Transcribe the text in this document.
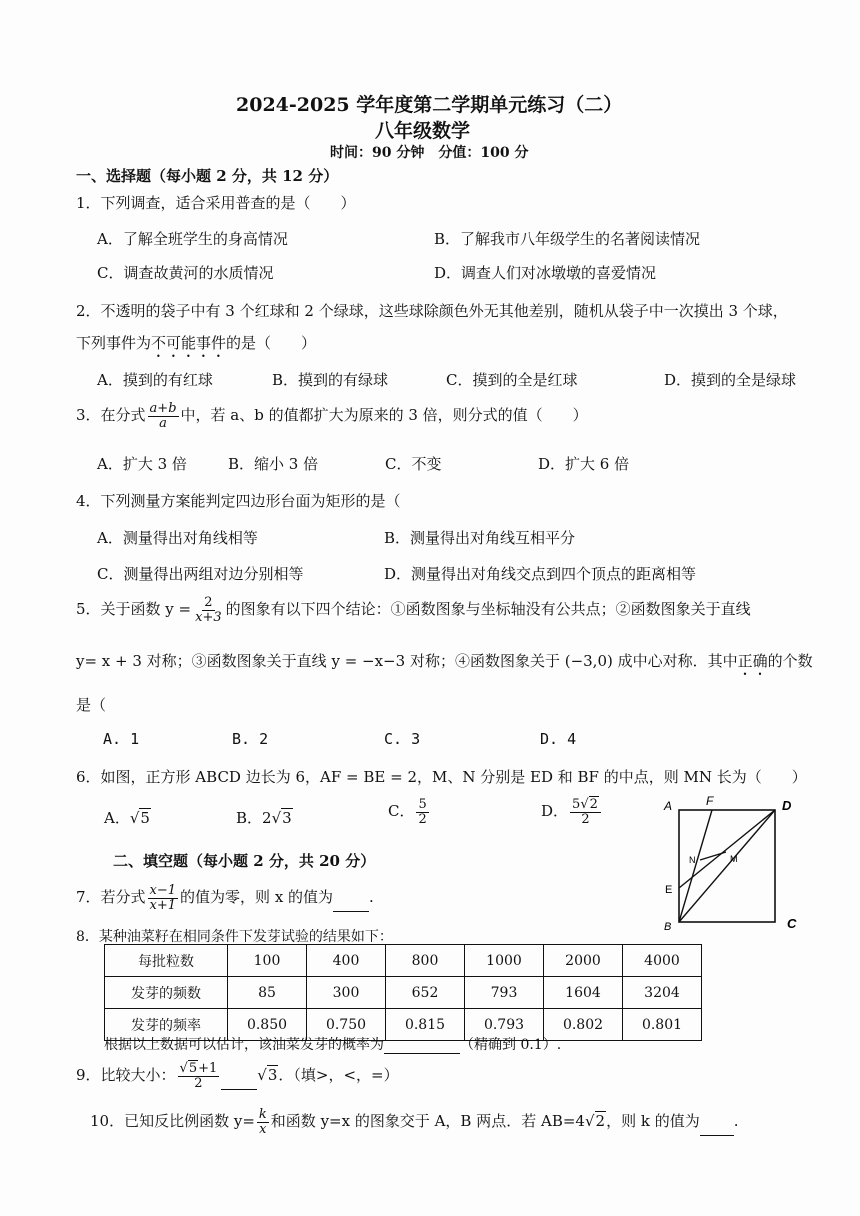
2024-2025 学年度第二学期单元练习（二）
八年级数学
时间：90 分钟　分值：100 分
一、选择题（每小题 2 分，共 12 分）
1．下列调查，适合采用普查的是（　　）
A．了解全班学生的身高情况	B．了解我市八年级学生的名著阅读情况
C．调查故黄河的水质情况	D．调查人们对冰墩墩的喜爱情况
2．不透明的袋子中有 3 个红球和 2 个绿球，这些球除颜色外无其他差别，随机从袋子中一次摸出 3 个球，
下列事件为不可能事件的是（　　）
A．摸到的有红球	B．摸到的有绿球	C．摸到的全是红球	D．摸到的全是绿球
3．在分式 $\frac{a+b}{a}$ 中，若 a、b 的值都扩大为原来的 3 倍，则分式的值（　　）
A．扩大 3 倍	B．缩小 3 倍	C．不变	D．扩大 6 倍
4．下列测量方案能判定四边形台面为矩形的是（
A．测量得出对角线相等	B．测量得出对角线互相平分
C．测量得出两组对边分别相等	D．测量得出对角线交点到四个顶点的距离相等
5．关于函数 $y = \frac{2}{x+3}$ 的图象有以下四个结论：①函数图象与坐标轴没有公共点；②函数图象关于直线
y= x + 3 对称；③函数图象关于直线 y = −x−3 对称；④函数图象关于 (−3,0) 成中心对称．其中正确的个数
是（
A. 1	B. 2	C. 3	D. 4
6．如图，正方形 ABCD 边长为 6，AF = BE = 2，M、N 分别是 ED 和 BF 的中点，则 MN 长为（　　）
A．√5	B．2√3	C． $\frac{5}{2}$	D． $\frac{5√2}{2}$	A	F	D
N	M
E
B	C
二、填空题（每小题 2 分，共 20 分）
7．若分式 $\frac{x-1}{x+1}$ 的值为零，则 x 的值为 .
8．某种油菜籽在相同条件下发芽试验的结果如下：
每批粒数	100	400	800	1000	2000	4000
发芽的频数	85	300	652	793	1604	3204
发芽的频率	0.850	0.750	0.815	0.793	0.802	0.801
根据以上数据可以估计，该油菜发芽的概率为	（精确到 0.1）.
9．比较大小： $\frac{√5+1}{2}$	√3．（填>，<，=）
10．已知反比例函数 $y= \frac{k}{x}$ 和函数 y=x 的图象交于 A，B 两点．若 AB=4√2，则 k 的值为 .
